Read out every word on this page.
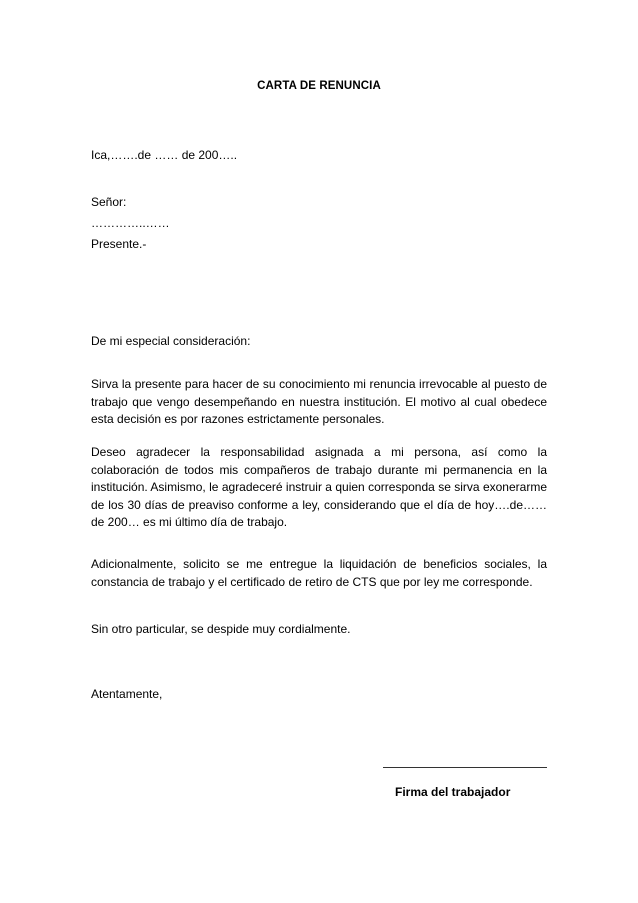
CARTA DE RENUNCIA
Ica,…….de …… de 200…..
Señor:
…………..……
Presente.-
De mi especial consideración:
Sirva la presente para hacer de su conocimiento mi renuncia irrevocable al puesto de trabajo que vengo desempeñando en nuestra institución. El motivo al cual obedece esta decisión es por razones estrictamente personales.
Deseo agradecer la responsabilidad asignada a mi persona, así como la colaboración de todos mis compañeros de trabajo durante mi permanencia en la institución. Asimismo, le agradeceré instruir a quien corresponda se sirva exonerarme de los 30 días de preaviso conforme a ley, considerando que el día de hoy….de…… de 200… es mi último día de trabajo.
Adicionalmente, solicito se me entregue la liquidación de beneficios sociales, la constancia de trabajo y el certificado de retiro de CTS que por ley me corresponde.
Sin otro particular, se despide muy cordialmente.
Atentamente,
Firma del trabajador
